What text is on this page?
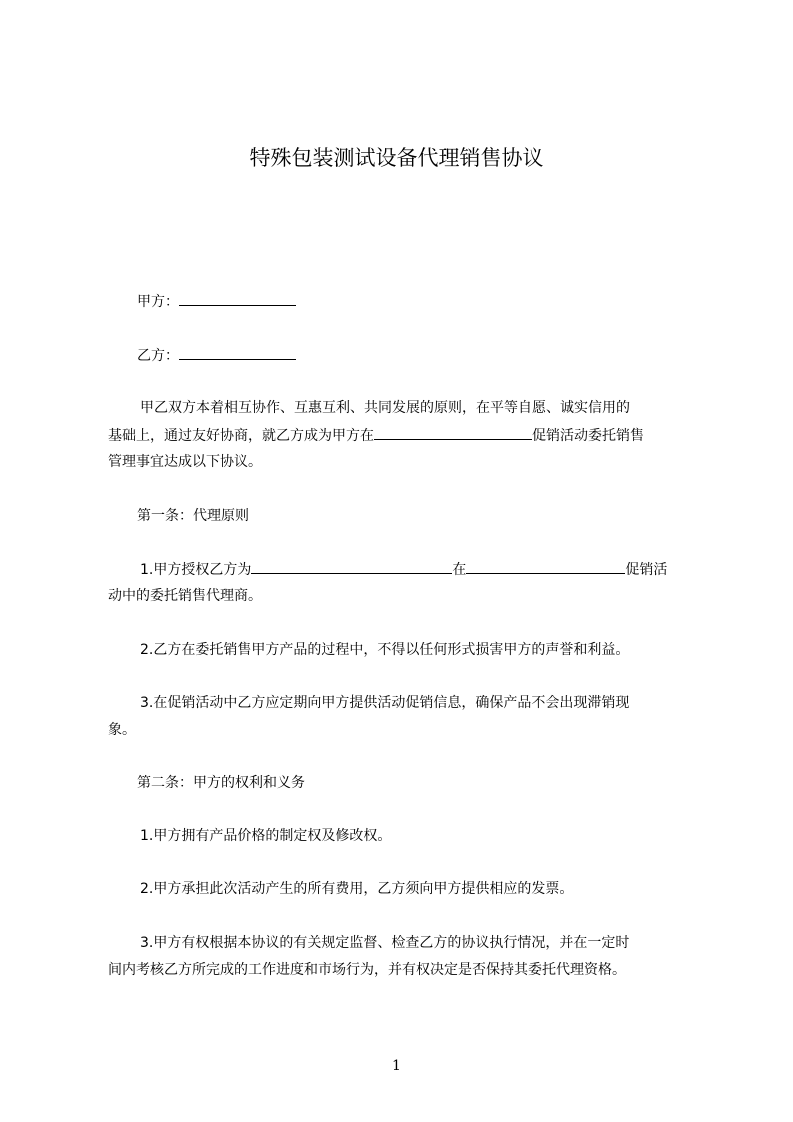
特殊包装测试设备代理销售协议
甲方：
乙方：
甲乙双方本着相互协作、互惠互利、共同发展的原则，在平等自愿、诚实信用的
基础上，通过友好协商，就乙方成为甲方在	促销活动委托销售
管理事宜达成以下协议。
第一条：代理原则
1.甲方授权乙方为	在	促销活
动中的委托销售代理商。
2.乙方在委托销售甲方产品的过程中，不得以任何形式损害甲方的声誉和利益。
3.在促销活动中乙方应定期向甲方提供活动促销信息，确保产品不会出现滞销现
象。
第二条：甲方的权利和义务
1.甲方拥有产品价格的制定权及修改权。
2.甲方承担此次活动产生的所有费用，乙方须向甲方提供相应的发票。
3.甲方有权根据本协议的有关规定监督、检查乙方的协议执行情况，并在一定时
间内考核乙方所完成的工作进度和市场行为，并有权决定是否保持其委托代理资格。
1
